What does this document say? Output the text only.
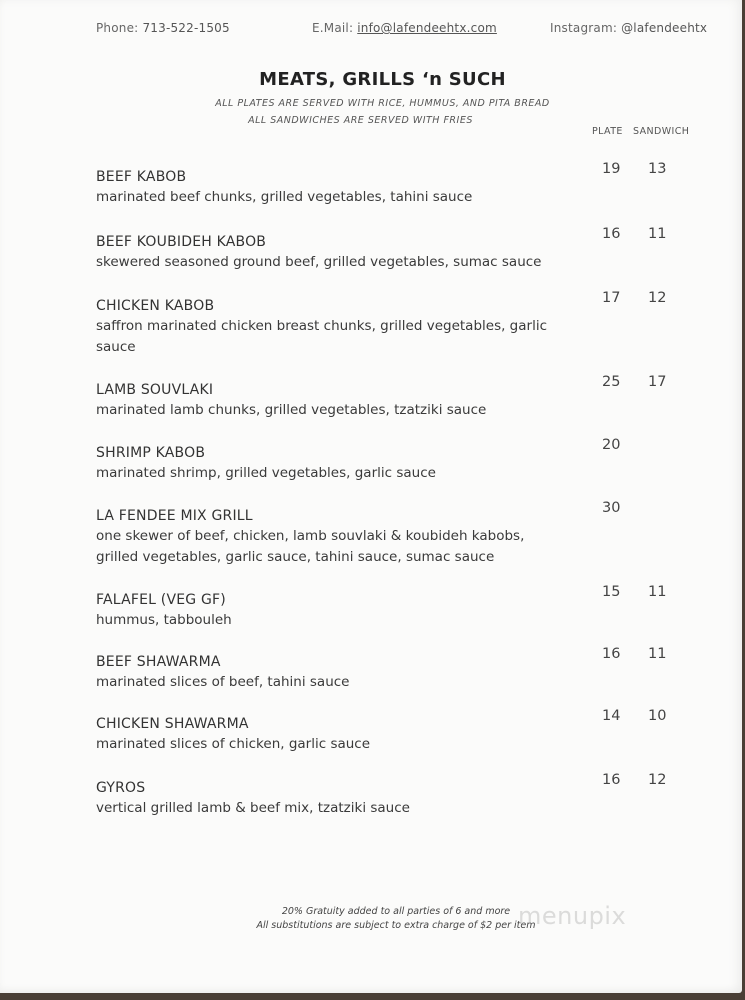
Phone: 713-522-1505	E.Mail: info@lafendeehtx.com	Instagram: @lafendeehtx
MEATS, GRILLS ‘n SUCH
ALL PLATES ARE SERVED WITH RICE, HUMMUS, AND PITA BREAD
ALL SANDWICHES ARE SERVED WITH FRIES
PLATE SANDWICH
BEEF KABOB
marinated beef chunks, grilled vegetables, tahini sauce
19 13
BEEF KOUBIDEH KABOB
skewered seasoned ground beef, grilled vegetables, sumac sauce
16 11
CHICKEN KABOB
saffron marinated chicken breast chunks, grilled vegetables, garlic sauce
17 12
LAMB SOUVLAKI
marinated lamb chunks, grilled vegetables, tzatziki sauce
25 17
SHRIMP KABOB
marinated shrimp, grilled vegetables, garlic sauce
20
LA FENDEE MIX GRILL
one skewer of beef, chicken, lamb souvlaki & koubideh kabobs, grilled vegetables, garlic sauce, tahini sauce, sumac sauce
30
FALAFEL (VEG GF)
hummus, tabbouleh
15 11
BEEF SHAWARMA
marinated slices of beef, tahini sauce
16 11
CHICKEN SHAWARMA
marinated slices of chicken, garlic sauce
14 10
GYROS
vertical grilled lamb & beef mix, tzatziki sauce
16 12
20% Gratuity added to all parties of 6 and more
All substitutions are subject to extra charge of $2 per item
menupix
